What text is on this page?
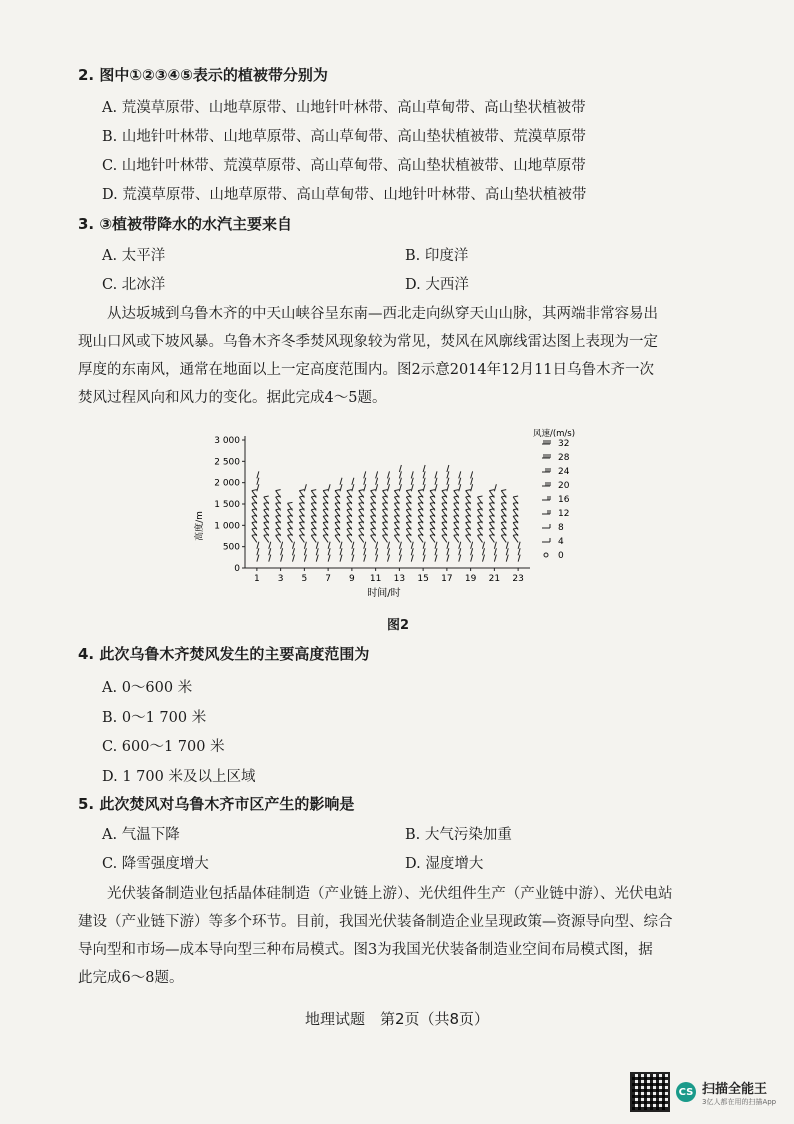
2. 图中①②③④⑤表示的植被带分别为
A. 荒漠草原带、山地草原带、山地针叶林带、高山草甸带、高山垫状植被带
B. 山地针叶林带、山地草原带、高山草甸带、高山垫状植被带、荒漠草原带
C. 山地针叶林带、荒漠草原带、高山草甸带、高山垫状植被带、山地草原带
D. 荒漠草原带、山地草原带、高山草甸带、山地针叶林带、高山垫状植被带
3. ③植被带降水的水汽主要来自
A. 太平洋	B. 印度洋
C. 北冰洋	D. 大西洋
从达坂城到乌鲁木齐的中天山峡谷呈东南—西北走向纵穿天山山脉，其两端非常容易出
现山口风或下坡风暴。乌鲁木齐冬季焚风现象较为常见，焚风在风廓线雷达图上表现为一定
厚度的东南风，通常在地面以上一定高度范围内。图2示意2014年12月11日乌鲁木齐一次
焚风过程风向和风力的变化。据此完成4～5题。
0
500
1 000
1 500
2 000
2 500
3 000
1 3 5 7 9 11 13 15 17 19 21 23
32
28
24
20
16
12
8
4
0
高度/m
时间/时
风速/(m/s)
图2
4. 此次乌鲁木齐焚风发生的主要高度范围为
A. 0～600 米
B. 0～1 700 米
C. 600～1 700 米
D. 1 700 米及以上区域
5. 此次焚风对乌鲁木齐市区产生的影响是
A. 气温下降	B. 大气污染加重
C. 降雪强度增大	D. 湿度增大
光伏装备制造业包括晶体硅制造（产业链上游）、光伏组件生产（产业链中游）、光伏电站
建设（产业链下游）等多个环节。目前，我国光伏装备制造企业呈现政策—资源导向型、综合
导向型和市场—成本导向型三种布局模式。图3为我国光伏装备制造业空间布局模式图，据
此完成6～8题。
地理试题　第2页（共8页）
CS 扫描全能王
3亿人都在用的扫描App
